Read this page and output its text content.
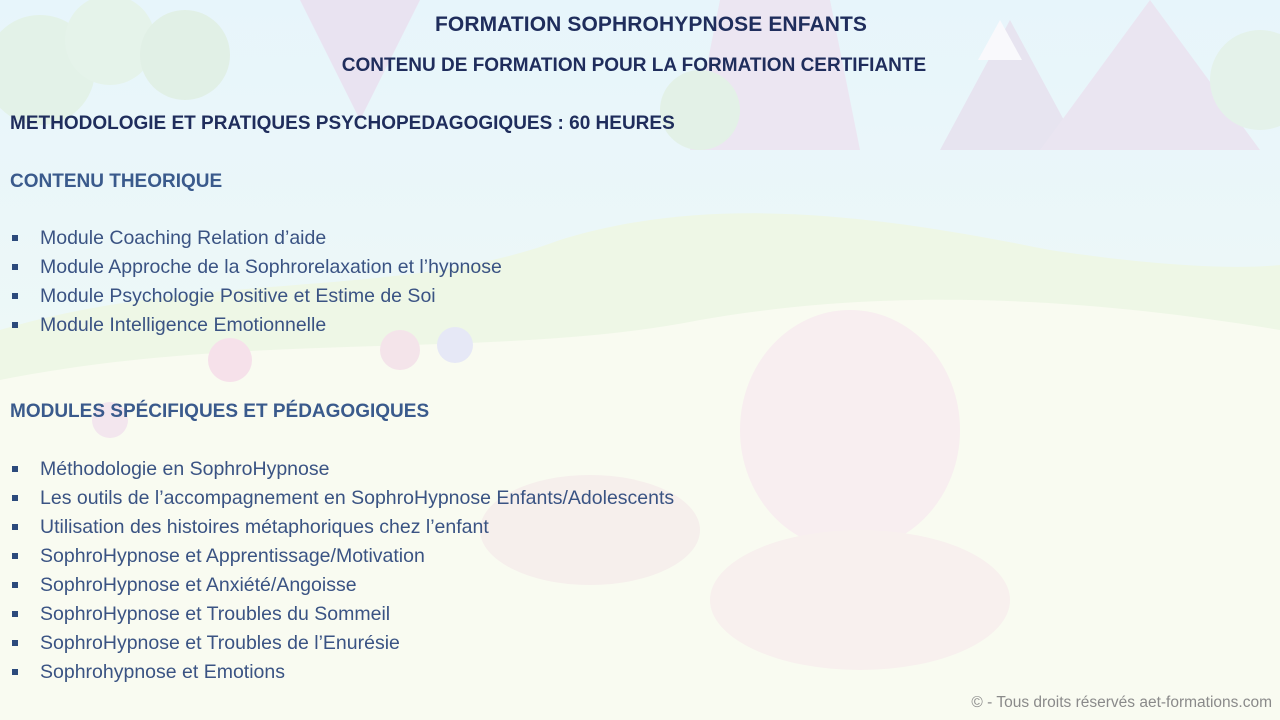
FORMATION SOPHROHYPNOSE ENFANTS
CONTENU DE FORMATION POUR LA FORMATION CERTIFIANTE
METHODOLOGIE ET PRATIQUES PSYCHOPEDAGOGIQUES : 60 HEURES
CONTENU THEORIQUE
Module Coaching Relation d’aide
Module Approche de la Sophrorelaxation et l’hypnose
Module Psychologie Positive et Estime de Soi
Module Intelligence Emotionnelle
MODULES SPÉCIFIQUES ET PÉDAGOGIQUES
Méthodologie en SophroHypnose
Les outils de l’accompagnement en SophroHypnose Enfants/Adolescents
Utilisation des histoires métaphoriques chez l’enfant
SophroHypnose et Apprentissage/Motivation
SophroHypnose et Anxiété/Angoisse
SophroHypnose et Troubles du Sommeil
SophroHypnose et Troubles de l’Enurésie
Sophrohypnose et Emotions
© - Tous droits réservés aet-formations.com
